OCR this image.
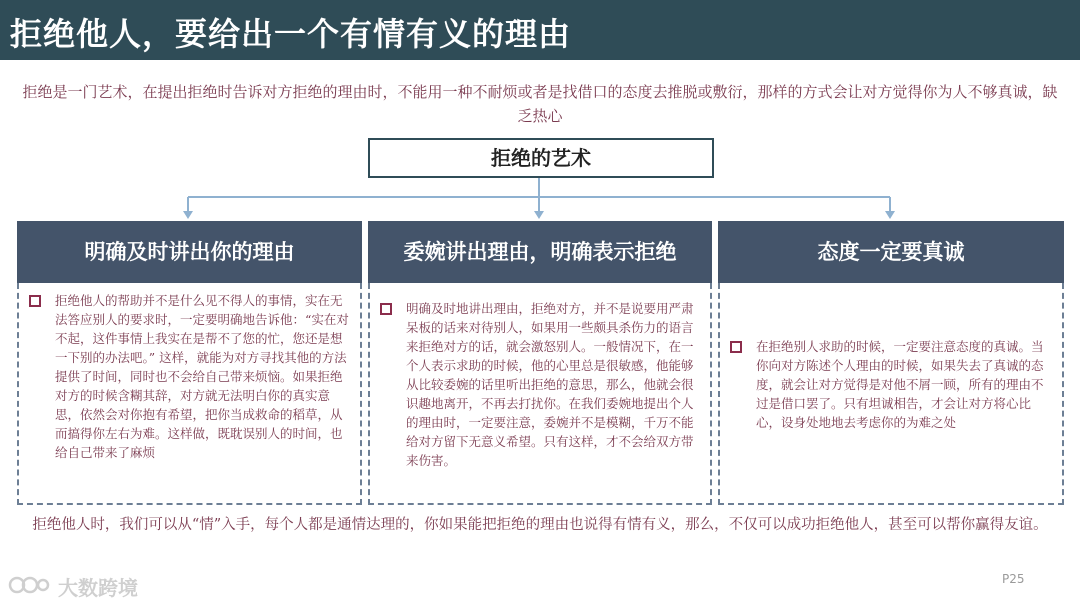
拒绝他人，要给出一个有情有义的理由
拒绝是一门艺术，在提出拒绝时告诉对方拒绝的理由时，不能用一种不耐烦或者是找借口的态度去推脱或敷衍，那样的方式会让对方觉得你为人不够真诚，缺乏热心
拒绝的艺术
明确及时讲出你的理由
拒绝他人的帮助并不是什么见不得人的事情，实在无法答应别人的要求时，一定要明确地告诉他：“实在对不起，这件事情上我实在是帮不了您的忙，您还是想一下别的办法吧。” 这样，就能为对方寻找其他的方法提供了时间，同时也不会给自己带来烦恼。如果拒绝对方的时候含糊其辞，对方就无法明白你的真实意思，依然会对你抱有希望，把你当成救命的稻草，从而搞得你左右为难。这样做，既耽误别人的时间，也给自己带来了麻烦
委婉讲出理由，明确表示拒绝
明确及时地讲出理由，拒绝对方，并不是说要用严肃呆板的话来对待别人，如果用一些颇具杀伤力的语言来拒绝对方的话，就会激怒别人。一般情况下，在一个人表示求助的时候，他的心里总是很敏感，他能够从比较委婉的话里听出拒绝的意思，那么，他就会很识趣地离开，不再去打扰你。在我们委婉地提出个人的理由时，一定要注意，委婉并不是模糊，千万不能给对方留下无意义希望。只有这样，才不会给双方带来伤害。
态度一定要真诚
在拒绝别人求助的时候，一定要注意态度的真诚。当你向对方陈述个人理由的时候，如果失去了真诚的态度，就会让对方觉得是对他不屑一顾，所有的理由不过是借口罢了。只有坦诚相告，才会让对方将心比心，设身处地地去考虑你的为难之处
拒绝他人时，我们可以从“情”入手，每个人都是通情达理的，你如果能把拒绝的理由也说得有情有义，那么，不仅可以成功拒绝他人，甚至可以帮你赢得友谊。
大数跨境	P25
